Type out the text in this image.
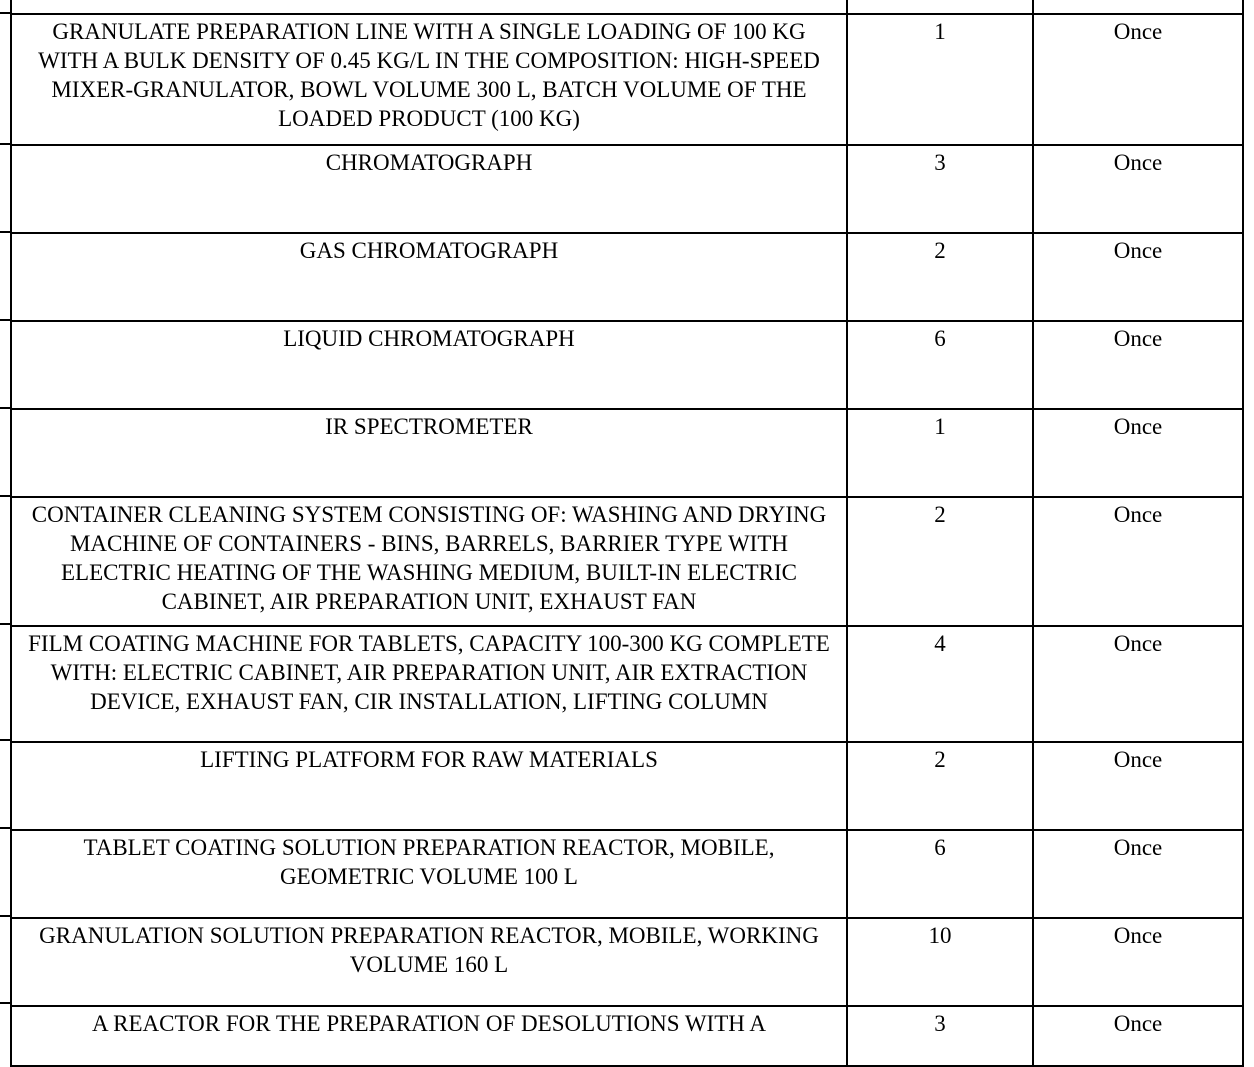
GRANULATE PREPARATION LINE WITH A SINGLE LOADING OF 100 KG WITH A BULK DENSITY OF 0.45 KG/L IN THE COMPOSITION: HIGH-SPEED MIXER-GRANULATOR, BOWL VOLUME 300 L, BATCH VOLUME OF THE LOADED PRODUCT (100 KG)	1	Once
CHROMATOGRAPH	3	Once
GAS CHROMATOGRAPH	2	Once
LIQUID CHROMATOGRAPH	6	Once
IR SPECTROMETER	1	Once
CONTAINER CLEANING SYSTEM CONSISTING OF: WASHING AND DRYING MACHINE OF CONTAINERS - BINS, BARRELS, BARRIER TYPE WITH ELECTRIC HEATING OF THE WASHING MEDIUM, BUILT-IN ELECTRIC CABINET, AIR PREPARATION UNIT, EXHAUST FAN	2	Once
FILM COATING MACHINE FOR TABLETS, CAPACITY 100-300 KG COMPLETE WITH: ELECTRIC CABINET, AIR PREPARATION UNIT, AIR EXTRACTION DEVICE, EXHAUST FAN, CIR INSTALLATION, LIFTING COLUMN	4	Once
LIFTING PLATFORM FOR RAW MATERIALS	2	Once
TABLET COATING SOLUTION PREPARATION REACTOR, MOBILE, GEOMETRIC VOLUME 100 L	6	Once
GRANULATION SOLUTION PREPARATION REACTOR, MOBILE, WORKING VOLUME 160 L	10	Once
A REACTOR FOR THE PREPARATION OF DESOLUTIONS WITH A	3	Once
